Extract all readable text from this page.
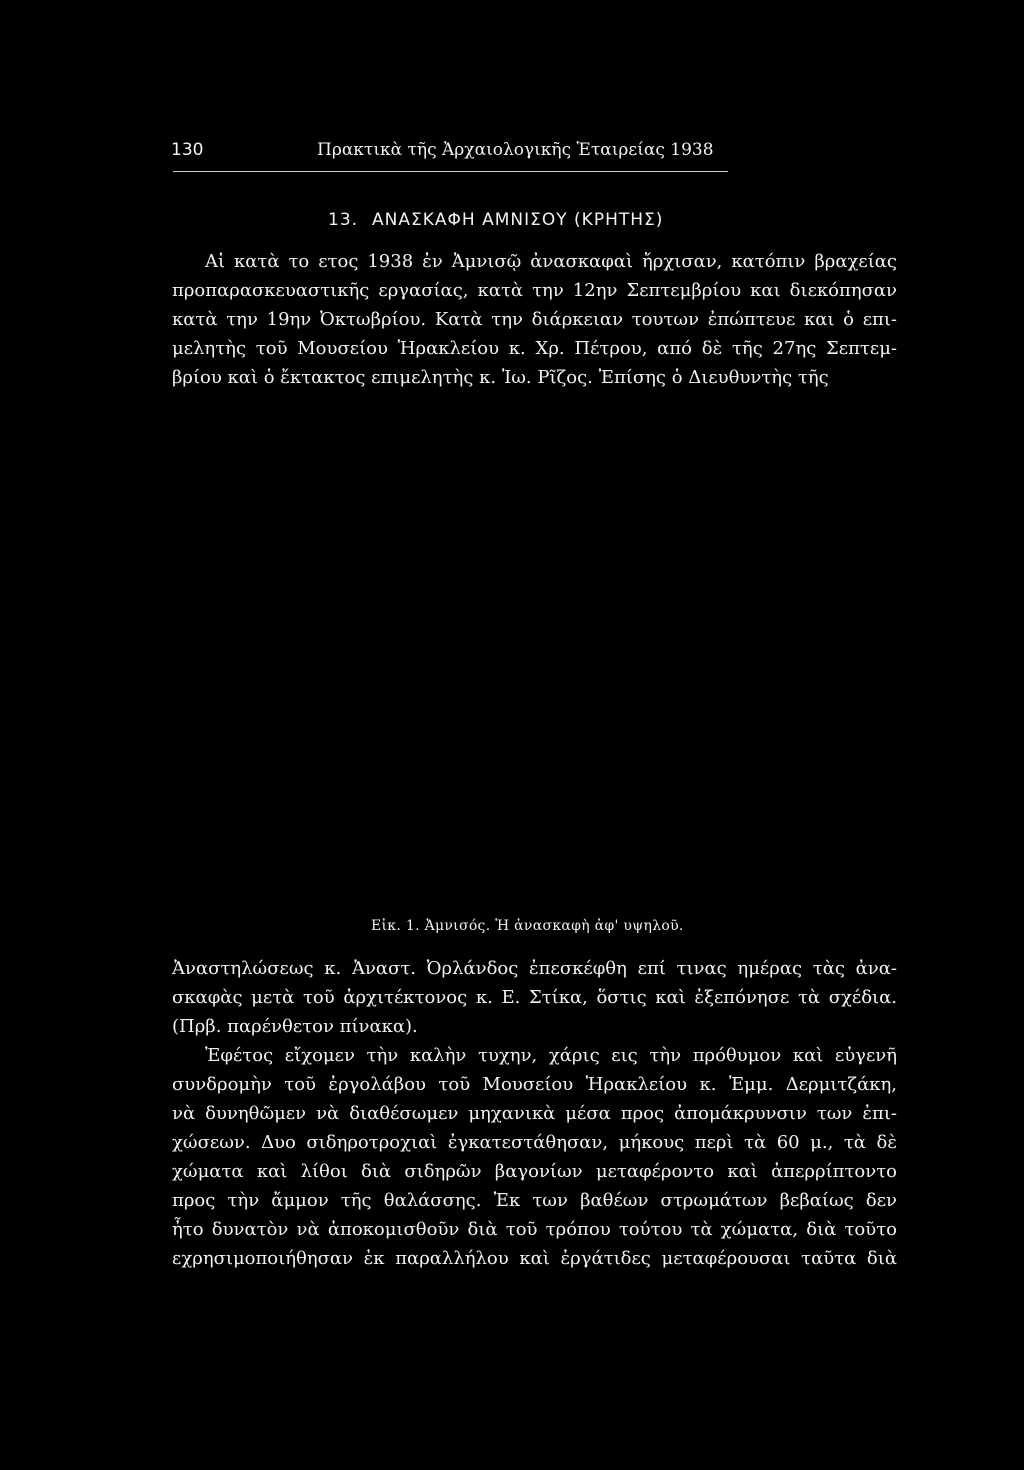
130	Πρακτικὰ τῆς Ἀρχαιολογικῆς Ἑταιρείας 1938
13. ΑΝΑΣΚΑΦΗ ΑΜΝΙΣΟΥ (ΚΡΗΤΗΣ)
Αἱ κατὰ το ετος 1938 ἐν Ἀμνισῷ ἀνασκαφαὶ ἤρχισαν, κατόπιν βραχείας
προπαρασκευαστικῆς εργασίας, κατὰ την 12ην Σεπτεμβρίου και διεκόπησαν
κατὰ την 19ην Ὀκτωβρίου. Κατὰ την διάρκειαν τουτων ἐπώπτευε και ὁ επι-
μελητὴς τοῦ Μουσείου Ἡρακλείου κ. Χρ. Πέτρου, από δὲ τῆς 27ης Σεπτεμ-
βρίου καὶ ὁ ἔκτακτος επιμελητὴς κ. Ἰω. Ρῖζος. Ἐπίσης ὁ Διευθυντὴς τῆς
Εἰκ. 1. Ἀμνισός. Ἡ ἀνασκαφὴ ἀφ' υψηλοῦ.
Ἀναστηλώσεως κ. Ἀναστ. Ὀρλάνδος ἐπεσκέφθη επί τινας ημέρας τὰς ἀνα-
σκαφὰς μετὰ τοῦ ἀρχιτέκτονος κ. Ε. Στίκα, ὅστις καὶ ἐξεπόνησε τὰ σχέδια.
(Πρβ. παρένθετον πίνακα).
Ἐφέτος εἴχομεν τὴν καλὴν τυχην, χάρις εις τὴν πρόθυμον καὶ εὐγενῆ
συνδρομὴν τοῦ ἐργολάβου τοῦ Μουσείου Ἡρακλείου κ. Ἐμμ. Δερμιτζάκη,
νὰ δυνηθῶμεν νὰ διαθέσωμεν μηχανικὰ μέσα προς ἀπομάκρυνσιν των ἐπι-
χώσεων. Δυο σιδηροτροχιαὶ ἐγκατεστάθησαν, μήκους περὶ τὰ 60 μ., τὰ δὲ
χώματα καὶ λίθοι διὰ σιδηρῶν βαγονίων μεταφέροντο καὶ ἀπερρίπτοντο
προς τὴν ἄμμον τῆς θαλάσσης. Ἐκ των βαθέων στρωμάτων βεβαίως δεν
ἦτο δυνατὸν νὰ ἀποκομισθοῦν διὰ τοῦ τρόπου τούτου τὰ χώματα, διὰ τοῦτο
εχρησιμοποιήθησαν ἐκ παραλλήλου καὶ ἐργάτιδες μεταφέρουσαι ταῦτα διὰ
